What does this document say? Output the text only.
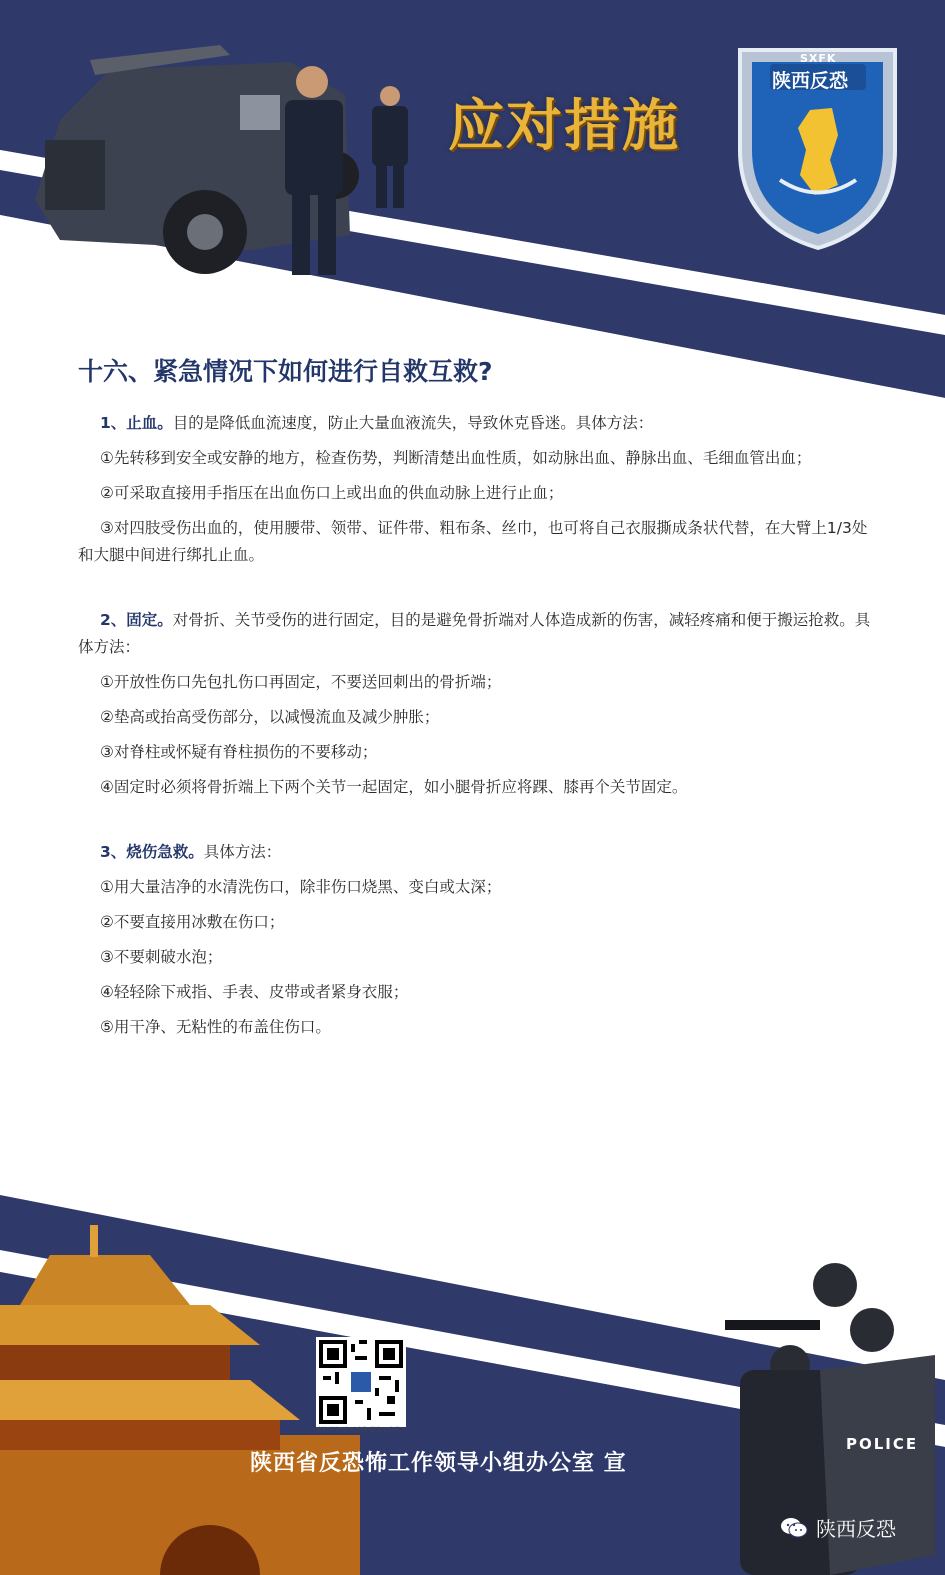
应对措施
SXFK
陕西反恐
十六、紧急情况下如何进行自救互救?

1、止血。目的是降低血流速度，防止大量血液流失，导致休克昏迷。具体方法：

①先转移到安全或安静的地方，检查伤势，判断清楚出血性质，如动脉出血、静脉出血、毛细血管出血；

②可采取直接用手指压在出血伤口上或出血的供血动脉上进行止血；

③对四肢受伤出血的，使用腰带、领带、证件带、粗布条、丝巾，也可将自己衣服撕成条状代替，在大臂上1/3处和大腿中间进行绑扎止血。

2、固定。对骨折、关节受伤的进行固定，目的是避免骨折端对人体造成新的伤害，减轻疼痛和便于搬运抢救。具体方法：

①开放性伤口先包扎伤口再固定，不要送回刺出的骨折端；

②垫高或抬高受伤部分，以减慢流血及减少肿胀；

③对脊柱或怀疑有脊柱损伤的不要移动；

④固定时必须将骨折端上下两个关节一起固定，如小腿骨折应将踝、膝再个关节固定。

3、烧伤急救。具体方法：

①用大量洁净的水清洗伤口，除非伤口烧黑、变白或太深；

②不要直接用冰敷在伤口；

③不要刺破水泡；

④轻轻除下戒指、手表、皮带或者紧身衣服；

⑤用干净、无粘性的布盖住伤口。

POLICE
欢迎关注“陕西反恐”微信公众号
陕西省反恐怖工作领导小组办公室 宣
陕西反恐
